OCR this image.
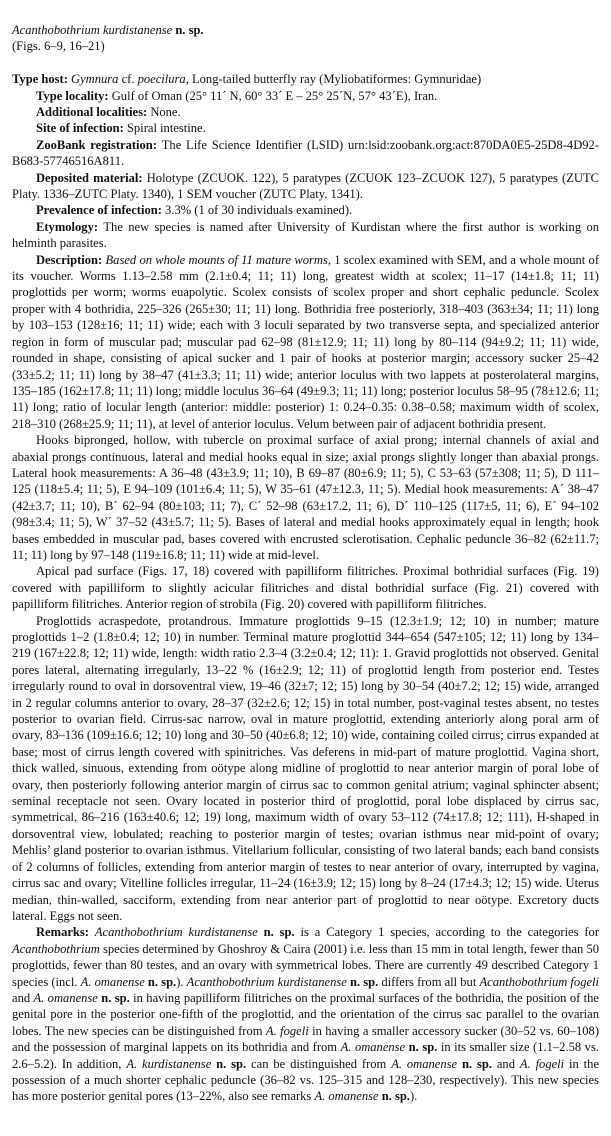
Acanthobothrium kurdistanense n. sp.

(Figs. 6–9, 16–21)

Type host: Gymnura cf. poecilura, Long-tailed butterfly ray (Myliobatiformes: Gymnuridae)

Type locality: Gulf of Oman (25° 11´ N, 60° 33´ E – 25° 25´N, 57° 43´E), Iran.

Additional localities: None.

Site of infection: Spiral intestine.

ZooBank registration: The Life Science Identifier (LSID) urn:lsid:zoobank.org:act:870DA0E5-25D8-4D92-B683-57746516A811.

Deposited material: Holotype (ZCUOK. 122), 5 paratypes (ZCUOK 123–ZCUOK 127), 5 paratypes (ZUTC Platy. 1336–ZUTC Platy. 1340), 1 SEM voucher (ZUTC Platy. 1341).

Prevalence of infection: 3.3% (1 of 30 individuals examined).

Etymology: The new species is named after University of Kurdistan where the first author is working on helminth parasites.

Description: Based on whole mounts of 11 mature worms, 1 scolex examined with SEM, and a whole mount of its voucher. Worms 1.13–2.58 mm (2.1±0.4; 11; 11) long, greatest width at scolex; 11–17 (14±1.8; 11; 11) proglottids per worm; worms euapolytic. Scolex consists of scolex proper and short cephalic peduncle. Scolex proper with 4 bothridia, 225–326 (265±30; 11; 11) long. Bothridia free posteriorly, 318–403 (363±34; 11; 11) long by 103–153 (128±16; 11; 11) wide; each with 3 loculi separated by two transverse septa, and specialized anterior region in form of muscular pad; muscular pad 62–98 (81±12.9; 11; 11) long by 80–114 (94±9.2; 11; 11) wide, rounded in shape, consisting of apical sucker and 1 pair of hooks at posterior margin; accessory sucker 25–42 (33±5.2; 11; 11) long by 38–47 (41±3.3; 11; 11) wide; anterior loculus with two lappets at posterolateral margins, 135–185 (162±17.8; 11; 11) long; middle loculus 36–64 (49±9.3; 11; 11) long; posterior loculus 58–95 (78±12.6; 11; 11) long; ratio of locular length (anterior: middle: posterior) 1: 0.24–0.35: 0.38–0.58; maximum width of scolex, 218–310 (268±25.9; 11; 11), at level of anterior loculus. Velum between pair of adjacent bothridia present.

Hooks bipronged, hollow, with tubercle on proximal surface of axial prong; internal channels of axial and abaxial prongs continuous, lateral and medial hooks equal in size; axial prongs slightly longer than abaxial prongs. Lateral hook measurements: A 36–48 (43±3.9; 11; 10), B 69–87 (80±6.9; 11; 5), C 53–63 (57±308; 11; 5), D 111–125 (118±5.4; 11; 5), E 94–109 (101±6.4; 11; 5), W 35–61 (47±12.3, 11; 5). Medial hook measurements: A´ 38–47 (42±3.7; 11; 10), B´ 62–94 (80±103; 11; 7), C´ 52–98 (63±17.2, 11; 6), D´ 110–125 (117±5, 11; 6), E´ 94–102 (98±3.4; 11; 5), W´ 37–52 (43±5.7; 11; 5). Bases of lateral and medial hooks approximately equal in length; hook bases embedded in muscular pad, bases covered with encrusted sclerotisation. Cephalic peduncle 36–82 (62±11.7; 11; 11) long by 97–148 (119±16.8; 11; 11) wide at mid-level.

Apical pad surface (Figs. 17, 18) covered with papilliform filitriches. Proximal bothridial surfaces (Fig. 19) covered with papilliform to slightly acicular filitriches and distal bothridial surface (Fig. 21) covered with papilliform filitriches. Anterior region of strobila (Fig. 20) covered with papilliform filitriches.

Proglottids acraspedote, protandrous. Immature proglottids 9–15 (12.3±1.9; 12; 10) in number; mature proglottids 1–2 (1.8±0.4; 12; 10) in number. Terminal mature proglottid 344–654 (547±105; 12; 11) long by 134–219 (167±22.8; 12; 11) wide, length: width ratio 2.3–4 (3.2±0.4; 12; 11): 1. Gravid proglottids not observed. Genital pores lateral, alternating irregularly, 13–22 % (16±2.9; 12; 11) of proglottid length from posterior end. Testes irregularly round to oval in dorsoventral view, 19–46 (32±7; 12; 15) long by 30–54 (40±7.2; 12; 15) wide, arranged in 2 regular columns anterior to ovary, 28–37 (32±2.6; 12; 15) in total number, post-vaginal testes absent, no testes posterior to ovarian field. Cirrus-sac narrow, oval in mature proglottid, extending anteriorly along poral arm of ovary, 83–136 (109±16.6; 12; 10) long and 30–50 (40±6.8; 12; 10) wide, containing coiled cirrus; cirrus expanded at base; most of cirrus length covered with spinitriches. Vas deferens in mid-part of mature proglottid. Vagina short, thick walled, sinuous, extending from oötype along midline of proglottid to near anterior margin of poral lobe of ovary, then posteriorly following anterior margin of cirrus sac to common genital atrium; vaginal sphincter absent; seminal receptacle not seen. Ovary located in posterior third of proglottid, poral lobe displaced by cirrus sac, symmetrical, 86–216 (163±40.6; 12; 19) long, maximum width of ovary 53–112 (74±17.8; 12; 111), H-shaped in dorsoventral view, lobulated; reaching to posterior margin of testes; ovarian isthmus near mid-point of ovary; Mehlis’ gland posterior to ovarian isthmus. Vitellarium follicular, consisting of two lateral bands; each band consists of 2 columns of follicles, extending from anterior margin of testes to near anterior of ovary, interrupted by vagina, cirrus sac and ovary; Vitelline follicles irregular, 11–24 (16±3.9; 12; 15) long by 8–24 (17±4.3; 12; 15) wide. Uterus median, thin-walled, sacciform, extending from near anterior part of proglottid to near oötype. Excretory ducts lateral. Eggs not seen.

Remarks: Acanthobothrium kurdistanense n. sp. is a Category 1 species, according to the categories for Acanthobothrium species determined by Ghoshroy & Caira (2001) i.e. less than 15 mm in total length, fewer than 50 proglottids, fewer than 80 testes, and an ovary with symmetrical lobes. There are currently 49 described Category 1 species (incl. A. omanense n. sp.). Acanthobothrium kurdistanense n. sp. differs from all but Acanthobothrium fogeli and A. omanense n. sp. in having papilliform filitriches on the proximal surfaces of the bothridia, the position of the genital pore in the posterior one-fifth of the proglottid, and the orientation of the cirrus sac parallel to the ovarian lobes. The new species can be distinguished from A. fogeli in having a smaller accessory sucker (30–52 vs. 60–108) and the possession of marginal lappets on its bothridia and from A. omanense n. sp. in its smaller size (1.1–2.58 vs. 2.6–5.2). In addition, A. kurdistanense n. sp. can be distinguished from A. omanense n. sp. and A. fogeli in the possession of a much shorter cephalic peduncle (36–82 vs. 125–315 and 128–230, respectively). This new species has more posterior genital pores (13–22%, also see remarks A. omanense n. sp.).
